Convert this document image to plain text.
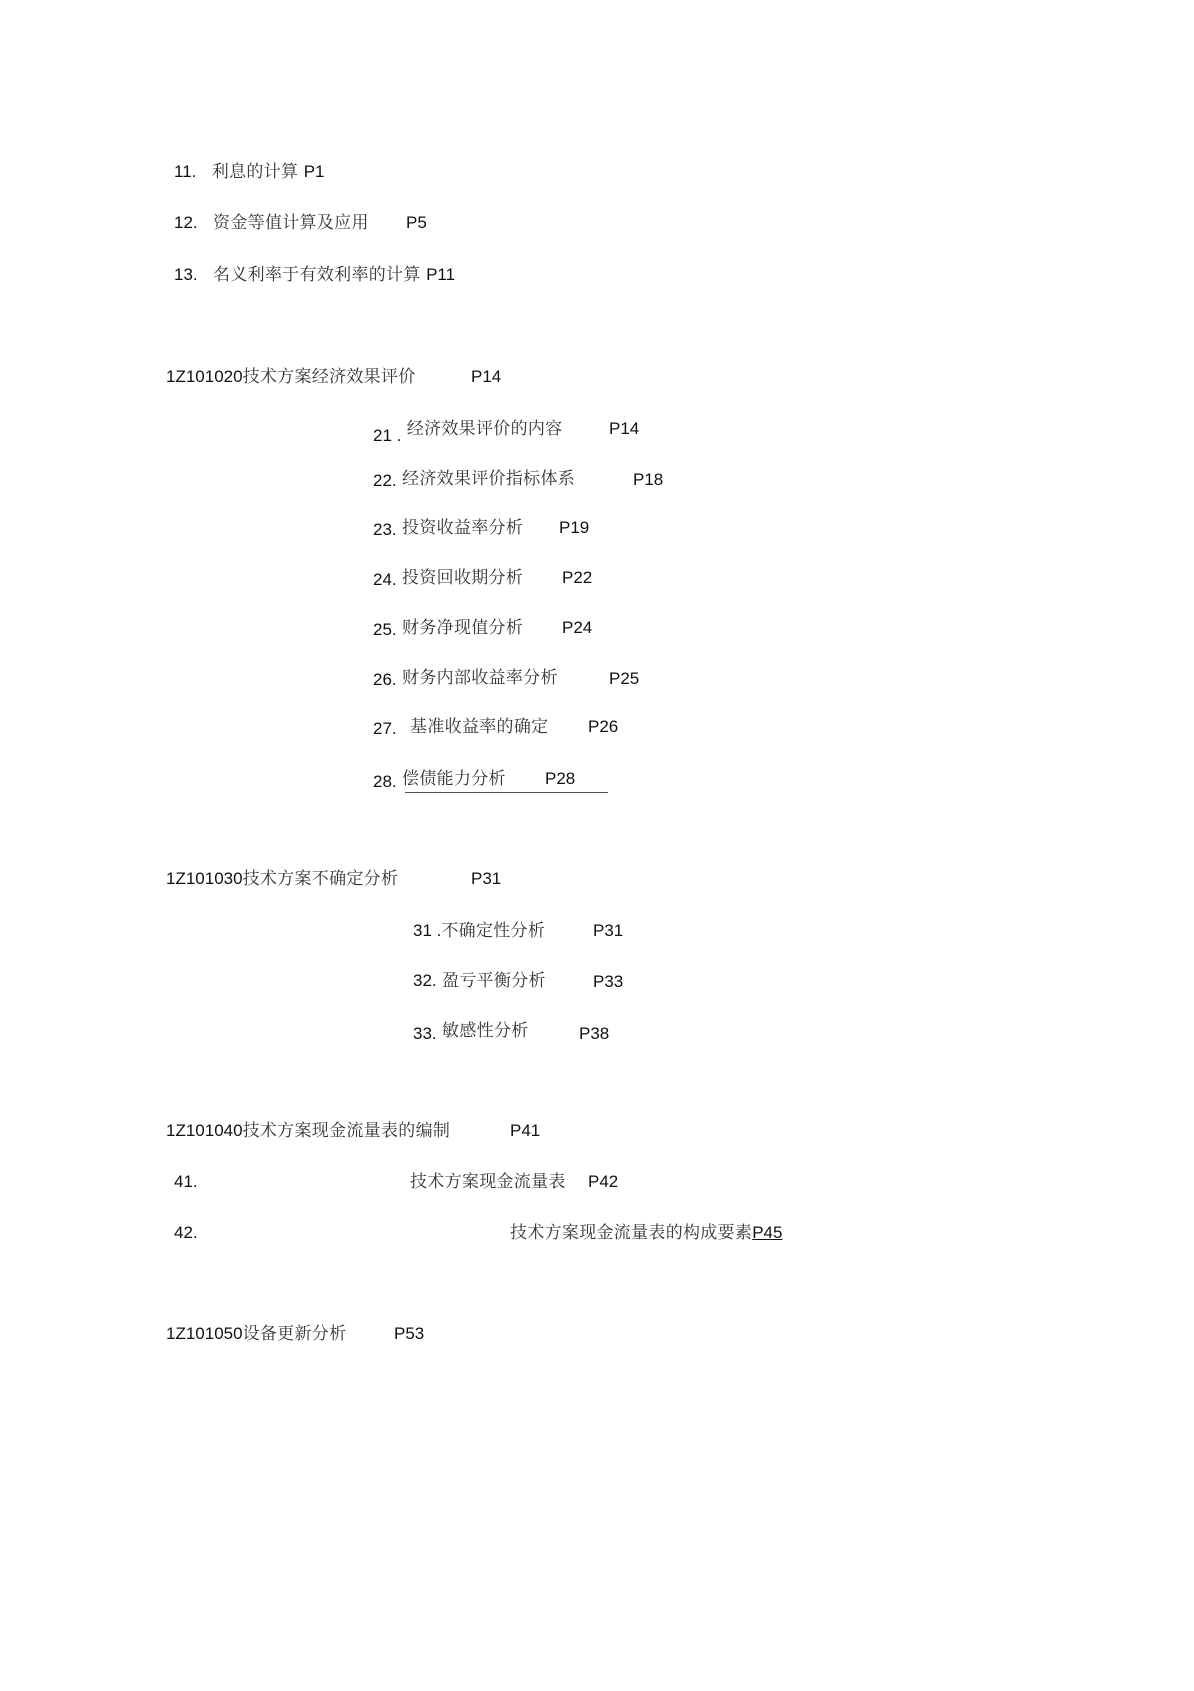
11. 利息的计算 P1
12. 资金等值计算及应用 P5
13. 名义利率于有效利率的计算 P11
1Z101020技术方案经济效果评价	P14
21 . 经济效果评价的内容	P14
22. 经济效果评价指标体系	P18
23. 投资收益率分析 P19
24. 投资回收期分析 P22
25. 财务净现值分析 P24
26. 财务内部收益率分析	P25
27. 基准收益率的确定 P26
28. 偿债能力分析 P28
1Z101030技术方案不确定分析	P31
31 .不确定性分析	P31
32. 盈亏平衡分析	P33
33. 敏感性分析	P38
1Z101040技术方案现金流量表的编制	P41
41.	技术方案现金流量表 P42
42.	技术方案现金流量表的构成要素P45
1Z101050设备更新分析	P53
